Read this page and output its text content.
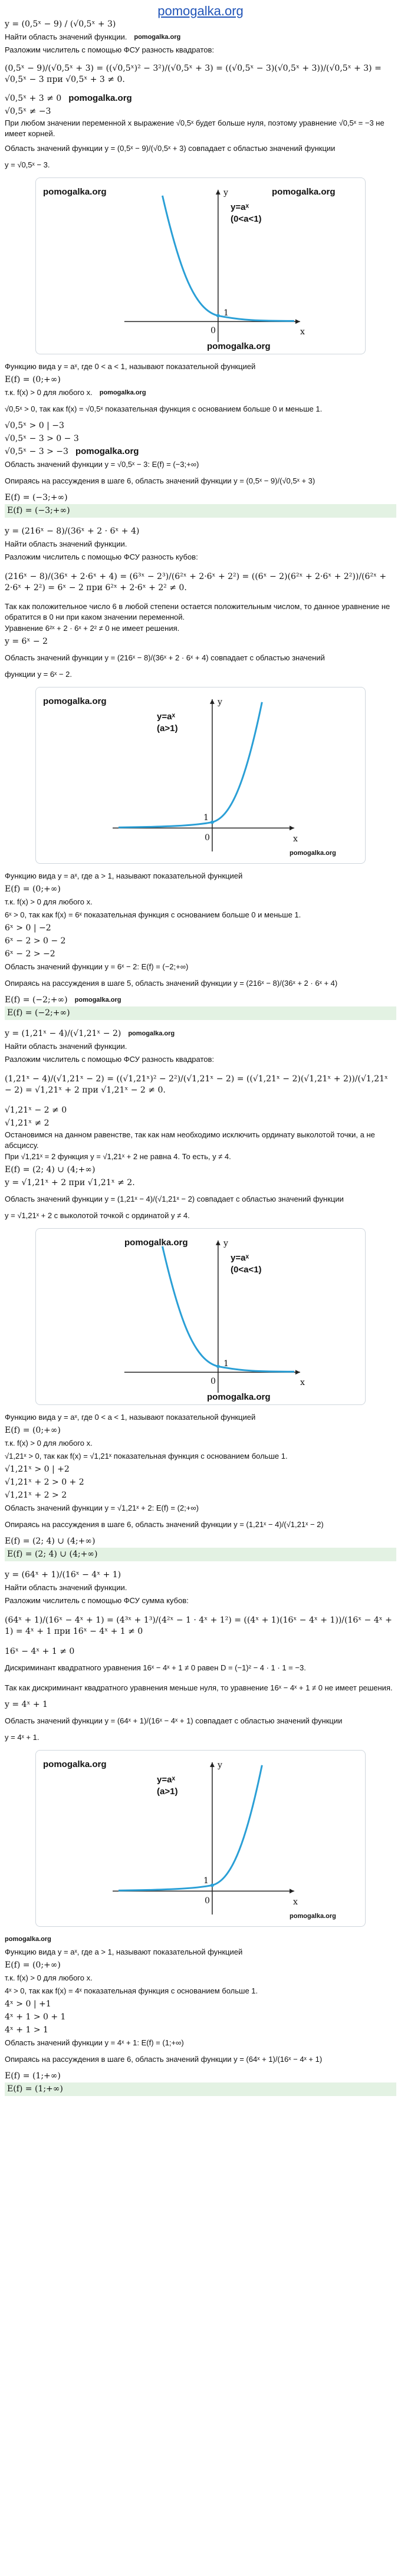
pomogalka.org
y = (0,5ˣ − 9) / (√0,5ˣ + 3)
Найти область значений функции. pomogalka.org
Разложим числитель с помощью ФСУ разность квадратов:
(0,5ˣ − 9)/(√0,5ˣ + 3) = ((√0,5ˣ)² − 3²)/(√0,5ˣ + 3) = ((√0,5ˣ − 3)(√0,5ˣ + 3))/(√0,5ˣ + 3) = √0,5ˣ − 3 при √0,5ˣ + 3 ≠ 0.
√0,5ˣ + 3 ≠ 0 pomogalka.org
√0,5ˣ ≠ −3
При любом значении переменной x выражение √0,5ˣ будет больше нуля, поэтому уравнение √0,5ˣ = −3 не имеет корней.
Область значений функции y = (0,5ˣ − 9)/(√0,5ˣ + 3) совпадает с областью значений функции
y = √0,5ˣ − 3.
pomogalka.org	pomogalka.org
y=aˣ
(0<a<1)
y
x
0
1
pomogalka.org
Функцию вида y = aˣ, где 0 < a < 1, называют показательной функцией
E(f) = (0;+∞)
т.к. f(x) > 0 для любого x. pomogalka.org
√0,5ˣ > 0, так как f(x) = √0,5ˣ показательная функция с основанием больше 0 и меньше 1.
√0,5ˣ > 0 | −3
√0,5ˣ − 3 > 0 − 3
√0,5ˣ − 3 > −3 pomogalka.org
Область значений функции y = √0,5ˣ − 3: E(f) = (−3;+∞)
Опираясь на рассуждения в шаге 6, область значений функции y = (0,5ˣ − 9)/(√0,5ˣ + 3)
E(f) = (−3;+∞)
E(f) = (−3;+∞)
y = (216ˣ − 8)/(36ˣ + 2 · 6ˣ + 4)
Найти область значений функции.
Разложим числитель с помощью ФСУ разность кубов:
(216ˣ − 8)/(36ˣ + 2·6ˣ + 4) = (6³ˣ − 2³)/(6²ˣ + 2·6ˣ + 2²) = ((6ˣ − 2)(6²ˣ + 2·6ˣ + 2²))/(6²ˣ + 2·6ˣ + 2²) = 6ˣ − 2 при 6²ˣ + 2·6ˣ + 2² ≠ 0.
Так как положительное число 6 в любой степени остается положительным числом, то данное уравнение не обратится в 0 ни при каком значении переменной.
Уравнение 6²ˣ + 2 · 6ˣ + 2² ≠ 0 не имеет решения.
y = 6ˣ − 2
Область значений функции y = (216ˣ − 8)/(36ˣ + 2 · 6ˣ + 4) совпадает с областью значений
функции y = 6ˣ − 2.
pomogalka.org
y=aˣ
(a>1)
y
x
0
1
pomogalka.org
Функцию вида y = aˣ, где a > 1, называют показательной функцией
E(f) = (0;+∞)
т.к. f(x) > 0 для любого x.
6ˣ > 0, так как f(x) = 6ˣ показательная функция с основанием больше 0 и меньше 1.
6ˣ > 0 | −2
6ˣ − 2 > 0 − 2
6ˣ − 2 > −2
Область значений функции y = 6ˣ − 2: E(f) = (−2;+∞)
Опираясь на рассуждения в шаге 5, область значений функции y = (216ˣ − 8)/(36ˣ + 2 · 6ˣ + 4)
E(f) = (−2;+∞) pomogalka.org
E(f) = (−2;+∞)
y = (1,21ˣ − 4)/(√1,21ˣ − 2) pomogalka.org
Найти область значений функции.
Разложим числитель с помощью ФСУ разность квадратов:
(1,21ˣ − 4)/(√1,21ˣ − 2) = ((√1,21ˣ)² − 2²)/(√1,21ˣ − 2) = ((√1,21ˣ − 2)(√1,21ˣ + 2))/(√1,21ˣ − 2) = √1,21ˣ + 2 при √1,21ˣ − 2 ≠ 0.
√1,21ˣ − 2 ≠ 0
√1,21ˣ ≠ 2
Остановимся на данном равенстве, так как нам необходимо исключить ординату выколотой точки, а не абсциссу.
При √1,21ˣ = 2 функция y = √1,21ˣ + 2 не равна 4. То есть, y ≠ 4.
E(f) = (2; 4) ∪ (4;+∞)
y = √1,21ˣ + 2 при √1,21ˣ ≠ 2.
Область значений функции y = (1,21ˣ − 4)/(√1,21ˣ − 2) совпадает с областью значений функции
y = √1,21ˣ + 2 с выколотой точкой с ординатой y ≠ 4.
pomogalka.org
y=aˣ
(0<a<1)
y
x
0
1
pomogalka.org
Функцию вида y = aˣ, где 0 < a < 1, называют показательной функцией
E(f) = (0;+∞)
т.к. f(x) > 0 для любого x.
√1,21ˣ > 0, так как f(x) = √1,21ˣ показательная функция с основанием больше 1.
√1,21ˣ > 0 | +2
√1,21ˣ + 2 > 0 + 2
√1,21ˣ + 2 > 2
Область значений функции y = √1,21ˣ + 2: E(f) = (2;+∞)
Опираясь на рассуждения в шаге 6, область значений функции y = (1,21ˣ − 4)/(√1,21ˣ − 2)
E(f) = (2; 4) ∪ (4;+∞)
E(f) = (2; 4) ∪ (4;+∞)
y = (64ˣ + 1)/(16ˣ − 4ˣ + 1)
Найти область значений функции.
Разложим числитель с помощью ФСУ сумма кубов:
(64ˣ + 1)/(16ˣ − 4ˣ + 1) = (4³ˣ + 1³)/(4²ˣ − 1 · 4ˣ + 1²) = ((4ˣ + 1)(16ˣ − 4ˣ + 1))/(16ˣ − 4ˣ + 1) = 4ˣ + 1 при 16ˣ − 4ˣ + 1 ≠ 0
16ˣ − 4ˣ + 1 ≠ 0
Дискриминант квадратного уравнения 16ˣ − 4ˣ + 1 ≠ 0 равен D = (−1)² − 4 · 1 · 1 = −3.
Так как дискриминант квадратного уравнения меньше нуля, то уравнение 16ˣ − 4ˣ + 1 ≠ 0 не имеет решения.
y = 4ˣ + 1
Область значений функции y = (64ˣ + 1)/(16ˣ − 4ˣ + 1) совпадает с областью значений функции
y = 4ˣ + 1.
pomogalka.org
y=aˣ
(a>1)
y
x
0
1
pomogalka.org
pomogalka.org
Функцию вида y = aˣ, где a > 1, называют показательной функцией
E(f) = (0;+∞)
т.к. f(x) > 0 для любого x.
4ˣ > 0, так как f(x) = 4ˣ показательная функция с основанием больше 1.
4ˣ > 0 | +1
4ˣ + 1 > 0 + 1
4ˣ + 1 > 1
Область значений функции y = 4ˣ + 1: E(f) = (1;+∞)
Опираясь на рассуждения в шаге 6, область значений функции y = (64ˣ + 1)/(16ˣ − 4ˣ + 1)
E(f) = (1;+∞)
E(f) = (1;+∞)
